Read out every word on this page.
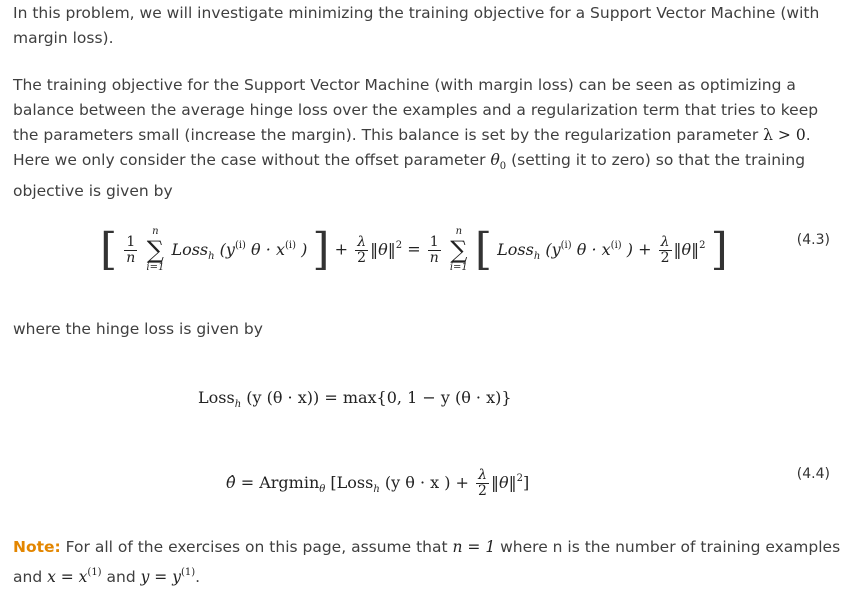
In this problem, we will investigate minimizing the training objective for a Support Vector Machine (with margin loss).

The training objective for the Support Vector Machine (with margin loss) can be seen as optimizing a balance between the average hinge loss over the examples and a regularization term that tries to keep the parameters small (increase the margin). This balance is set by the regularization parameter λ > 0. Here we only consider the case without the offset parameter $\theta_0$ (setting it to zero) so that the training objective is given by

[ $\frac{1}{n}$

n
∑
i=1
Loss$_h$ ($y^{(i)}$ $\theta \cdot x^{(i)}$ ) ] + $\frac{\lambda}{2}$ ‖θ‖$^2$ = $\frac{1}{n}$

n
∑
i=1 [ Loss$_h$ ($y^{(i)}$ $\theta \cdot x^{(i)}$ ) + $\frac{\lambda}{2}$ ‖θ‖$^2$ ]	(4.3)

where the hinge loss is given by

Loss$_h$ (y (θ · x)) = max{0, 1 − y (θ · x)}
θ̂ = Argmin$_\theta$ [Loss$_h$ (y θ · x ) + $\frac{\lambda}{2}$ ‖θ‖$^2$]	(4.4)

Note: For all of the exercises on this page, assume that n = 1 where n is the number of training examples and $x = x^{(1)}$ and $y = y^{(1)}$.
